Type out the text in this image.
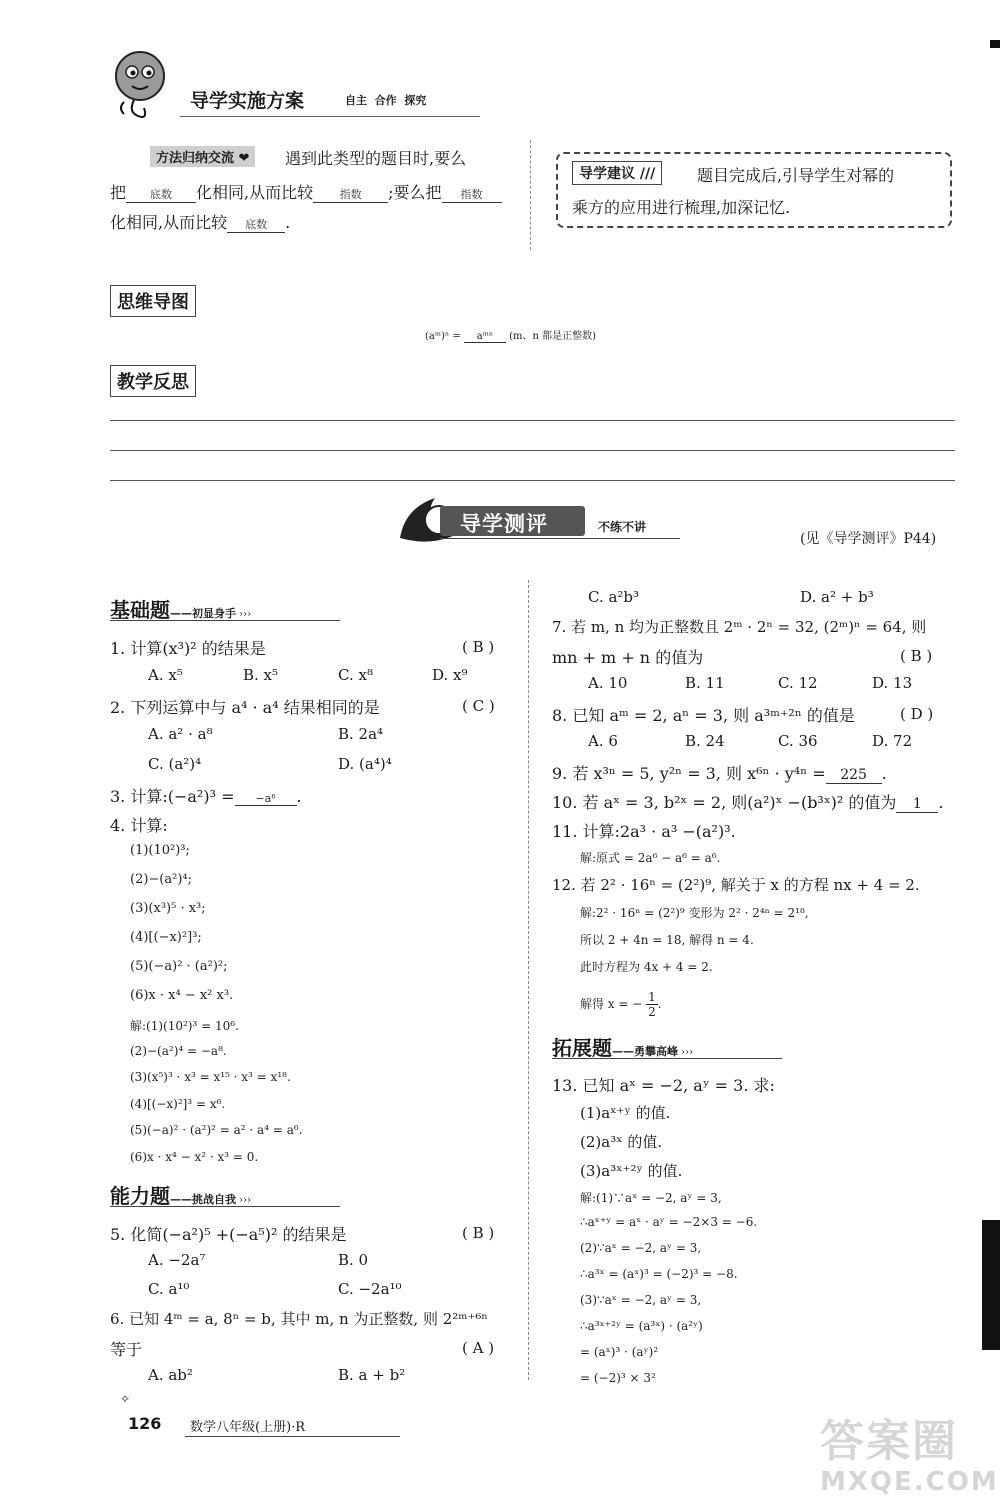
导学实施方案	自主  合作  探究
方法归纳交流 ❤	遇到此类型的题目时,要么
把 底数 化相同,从而比较 指数 ;要么把 指数
化相同,从而比较 底数 .
导学建议 ///	题目完成后,引导学生对幂的
乘方的应用进行梳理,加深记忆.
思维导图
(aᵐ)ⁿ = aᵐⁿ (m、n 都是正整数)
教学反思
导学测评	不练不讲
(见《导学测评》P44)
基础题——初显身手 ›››
1. 计算(x³)² 的结果是	( B )
A. x⁵	B. x⁵	C. x⁸	D. x⁹
2. 下列运算中与 a⁴ · a⁴ 结果相同的是	( C )
A. a² · a⁸	B. 2a⁴
C. (a²)⁴	D. (a⁴)⁴
3. 计算:(−a²)³ = −a⁶ .
4. 计算:
(1)(10²)³;
(2)−(a²)⁴;
(3)(x³)⁵ · x³;
(4)[(−x)²]³;
(5)(−a)² · (a²)²;
(6)x · x⁴ − x² x³.
解:(1)(10²)³ = 10⁶.
(2)−(a²)⁴ = −a⁸.
(3)(x⁵)³ · x³ = x¹⁵ · x³ = x¹⁸.
(4)[(−x)²]³ = x⁶.
(5)(−a)² · (a²)² = a² · a⁴ = a⁶.
(6)x · x⁴ − x² · x³ = 0.
能力题——挑战自我 ›››
5. 化简(−a²)⁵ +(−a⁵)² 的结果是	( B )
A. −2a⁷	B. 0
C. a¹⁰	C. −2a¹⁰
6. 已知 4ᵐ = a, 8ⁿ = b, 其中 m, n 为正整数, 则 2²ᵐ⁺⁶ⁿ
等于	( A )
A. ab²	B. a + b²
C. a²b³	D. a² + b³
7. 若 m, n 均为正整数且 2ᵐ · 2ⁿ = 32, (2ᵐ)ⁿ = 64, 则
mn + m + n 的值为	( B )
A. 10	B. 11	C. 12	D. 13
8. 已知 aᵐ = 2, aⁿ = 3, 则 a³ᵐ⁺²ⁿ 的值是	( D )
A. 6	B. 24	C. 36	D. 72
9. 若 x³ⁿ = 5, y²ⁿ = 3, 则 x⁶ⁿ · y⁴ⁿ = 225 .
10. 若 aˣ = 3, b²ˣ = 2, 则(a²)ˣ −(b³ˣ)² 的值为 1 .
11. 计算:2a³ · a³ −(a²)³.
解:原式 = 2a⁶ − a⁶ = a⁶.
12. 若 2² · 16ⁿ = (2²)⁹, 解关于 x 的方程 nx + 4 = 2.
解:2² · 16ⁿ = (2²)⁹ 变形为 2² · 2⁴ⁿ = 2¹⁸,
所以 2 + 4n = 18, 解得 n = 4.
此时方程为 4x + 4 = 2.
解得 x = − $\frac{1}{2}$ .
拓展题——勇攀高峰 ›››
13. 已知 aˣ = −2, aʸ = 3. 求:
(1)aˣ⁺ʸ 的值.
(2)a³ˣ 的值.
(3)a³ˣ⁺²ʸ 的值.
解:(1)∵aˣ = −2, aʸ = 3,
∴aˣ⁺ʸ = aˣ · aʸ = −2×3 = −6.
(2)∵aˣ = −2, aʸ = 3,
∴a³ˣ = (aˣ)³ = (−2)³ = −8.
(3)∵aˣ = −2, aʸ = 3,
∴a³ˣ⁺²ʸ = (a³ˣ) · (a²ʸ)
= (aˣ)³ · (aʸ)²
= (−2)³ × 3²
✧
126 数学八年级(上册)·R	答案圈
MXQE.COM
